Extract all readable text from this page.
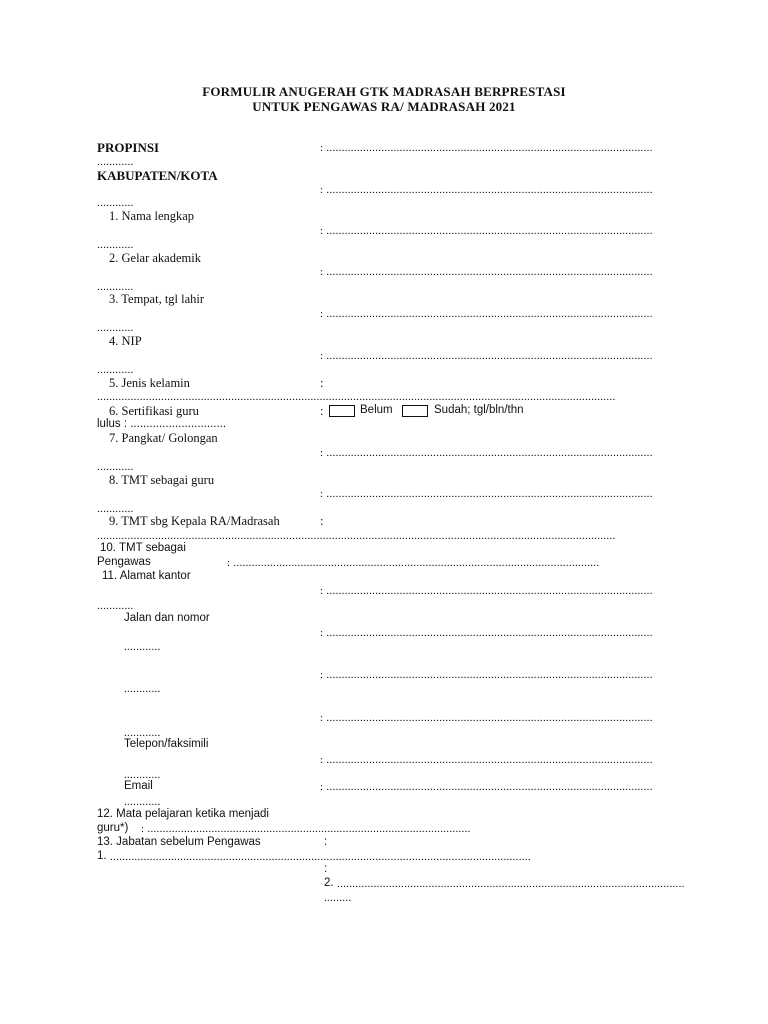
FORMULIR ANUGERAH GTK MADRASAH BERPRESTASI
UNTUK PENGAWAS RA/ MADRASAH 2021
PROPINSI	: ...........................................................................................................
............
KABUPATEN/KOTA
: ...........................................................................................................
............
1. Nama lengkap
: ...........................................................................................................
............
2. Gelar akademik
: ...........................................................................................................
............
3. Tempat, tgl lahir
: ...........................................................................................................
............
4. NIP
: ...........................................................................................................
............
5. Jenis kelamin	:
..........................................................................................................................................................................
6. Sertifikasi guru	:	Belum	Sudah; tgl/bln/thn
lulus : ..............................
7. Pangkat/ Golongan
: ...........................................................................................................
............
8. TMT sebagai guru
: ...........................................................................................................
............
9. TMT sbg Kepala RA/Madrasah	:
..........................................................................................................................................................................
10. TMT sebagai
Pengawas	: ........................................................................................................................
11. Alamat kantor
: ...........................................................................................................
............
Jalan dan nomor
: ...........................................................................................................
............
: ...........................................................................................................
............
: ...........................................................................................................
............
Telepon/faksimili
: ...........................................................................................................
............
Email	: ...........................................................................................................
............
12. Mata pelajaran ketika menjadi
guru*) : ..........................................................................................................
13. Jabatan sebelum Pengawas	:
1. ..........................................................................................................................................
:
2. ..................................................................................................................
.........
